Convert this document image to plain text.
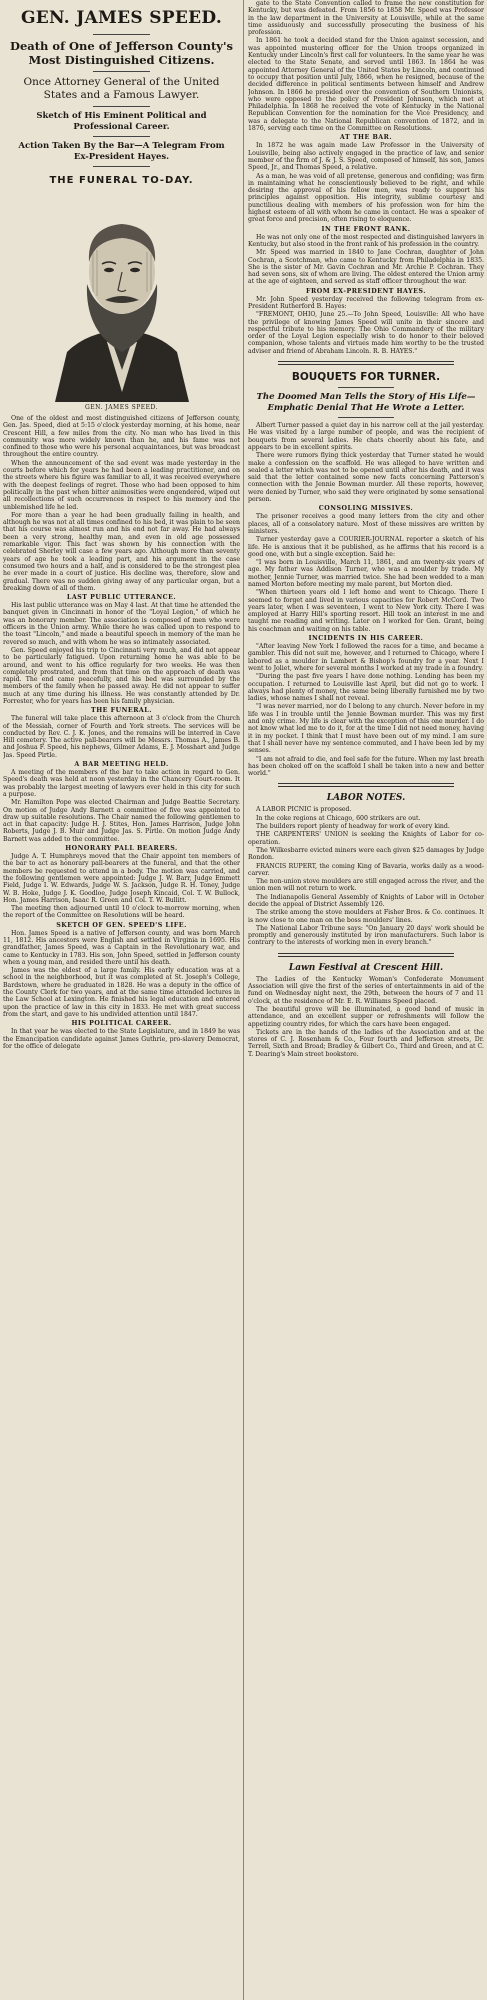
GEN. JAMES SPEED.
Death of One of Jefferson County's Most Distinguished Citizens.
Once Attorney General of the United States and a Famous Lawyer.
Sketch of His Eminent Political and Professional Career.
Action Taken By the Bar—A Telegram From Ex-President Hayes.
THE FUNERAL TO-DAY.
GEN. JAMES SPEED.

One of the oldest and most distinguished citizens of Jefferson county, Gen. Jas. Speed, died at 5:15 o'clock yesterday morning, at his home, near Crescent Hill, a few miles from the city. No man who has lived in this community was more widely known than he, and his fame was not confined to those who were his personal acquaintances, but was broadcast throughout the entire country.

When the announcement of the sad event was made yesterday in the courts before which for years he had been a leading practitioner, and on the streets where his figure was familiar to all, it was received everywhere with the deepest feelings of regret. Those who had been opposed to him politically in the past when bitter animosities were engendered, wiped out all recollections of such occurrences in respect to his memory and the unblemished life he led.

For more than a year he had been gradually failing in health, and although he was not at all times confined to his bed, it was plain to be seen that his course was almost run and his end not far away. He had always been a very strong, healthy man, and even in old age possessed remarkable vigor. This fact was shown by his connection with the celebrated Sherley will case a few years ago. Although more than seventy years of age he took a leading part, and his argument in the case consumed two hours and a half, and is considered to be the strongest plea he ever made in a court of justice. His decline was, therefore, slow and gradual. There was no sudden giving away of any particular organ, but a breaking down of all of them.

LAST PUBLIC UTTERANCE.

His last public utterance was on May 4 last. At that time he attended the banquet given in Cincinnati in honor of the "Loyal Legion," of which he was an honorary member. The association is composed of men who were officers in the Union army. While there he was called upon to respond to the toast "Lincoln," and made a beautiful speech in memory of the man he revered so much, and with whom he was so intimately associated.

Gen. Speed enjoyed his trip to Cincinnati very much, and did not appear to be particularly fatigued. Upon returning home he was able to be around, and went to his office regularly for two weeks. He was then completely prostrated, and from that time on the approach of death was rapid. The end came peacefully, and his bed was surrounded by the members of the family when he passed away. He did not appear to suffer much at any time during his illness. He was constantly attended by Dr. Forrester, who for years has been his family physician.

THE FUNERAL.

The funeral will take place this afternoon at 3 o'clock from the Church of the Messiah, corner of Fourth and York streets. The services will be conducted by Rev. C. J. K. Jones, and the remains will be interred in Cave Hill cemetery. The active pall-bearers will be Messrs. Thomas A., James B. and Joshua F. Speed, his nephews, Gilmer Adams, E. J. Mosshart and Judge Jas. Speed Pirtle.

A BAR MEETING HELD.

A meeting of the members of the bar to take action in regard to Gen. Speed's death was held at noon yesterday in the Chancery Court-room. It was probably the largest meeting of lawyers ever held in this city for such a purpose.

Mr. Hamilton Pope was elected Chairman and Judge Beattie Secretary. On motion of Judge Andy Barnett a committee of five was appointed to draw up suitable resolutions. The Chair named the following gentlemen to act in that capacity: Judge H. J. Stites, Hon. James Harrison, Judge John Roberts, Judge J. B. Muir and Judge Jas. S. Pirtle. On motion Judge Andy Barnett was added to the committee.

HONORARY PALL BEARERS.

Judge A. T. Humphreys moved that the Chair appoint ten members of the bar to act as honorary pall-bearers at the funeral, and that the other members be requested to attend in a body. The motion was carried, and the following gentlemen were appointed: Judge J. W. Barr, Judge Emmett Field, Judge I. W. Edwards, Judge W. S. Jackson, Judge R. H. Toney, Judge W. B. Hoke, Judge J. K. Goodloe, Judge Joseph Kincaid, Col. T. W. Bullock, Hon. James Harrison, Isaac R. Green and Col. T. W. Bullitt.

The meeting then adjourned until 10 o'clock to-morrow morning, when the report of the Committee on Resolutions will be heard.

SKETCH OF GEN. SPEED'S LIFE.

Hon. James Speed is a native of Jefferson county, and was born March 11, 1812. His ancestors were English and settled in Virginia in 1695. His grandfather, James Speed, was a Captain in the Revolutionary war, and came to Kentucky in 1783. His son, John Speed, settled in Jefferson county when a young man, and resided there until his death.

James was the eldest of a large family. His early education was at a school in the neighborhood, but it was completed at St. Joseph's College, Bardstown, where he graduated in 1828. He was a deputy in the office of the County Clerk for two years, and at the same time attended lectures in the Law School at Lexington. He finished his legal education and entered upon the practice of law in this city in 1833. He met with great success from the start, and gave to his undivided attention until 1847.

HIS POLITICAL CAREER.

In that year he was elected to the State Legislature, and in 1849 he was the Emancipation candidate against James Guthrie, pro-slavery Democrat, for the office of delegate

gate to the State Convention called to frame the new constitution for Kentucky, but was defeated. From 1856 to 1858 Mr. Speed was Professor in the law department in the University at Louisville, while at the same time assiduously and successfully prosecuting the business of his profession.

In 1861 he took a decided stand for the Union against secession, and was appointed mustering officer for the Union troops organized in Kentucky under Lincoln's first call for volunteers. In the same year he was elected to the State Senate, and served until 1863. In 1864 he was appointed Attorney General of the United States by Lincoln, and continued to occupy that position until July, 1866, when he resigned, because of the decided difference in political sentiments between himself and Andrew Johnson. In 1866 he presided over the convention of Southern Unionists, who were opposed to the policy of President Johnson, which met at Philadelphia. In 1868 he received the vote of Kentucky in the National Republican Convention for the nomination for the Vice Presidency, and was a delegate to the National Republican convention of 1872, and in 1876, serving each time on the Committee on Resolutions.

AT THE BAR.

In 1872 he was again made Law Professor in the University of Louisville, being also actively engaged in the practice of law, and senior member of the firm of J. & J. S. Speed, composed of himself, his son, James Speed, Jr., and Thomas Speed, a relative.

As a man, he was void of all pretense, generous and confiding; was firm in maintaining what he conscientiously believed to be right, and while desiring the approval of his fellow men, was ready to support his principles against opposition. His integrity, sublime courtesy and punctilious dealing with members of his profession won for him the highest esteem of all with whom he came in contact. He was a speaker of great force and precision, often rising to eloquence.

IN THE FRONT RANK.

He was not only one of the most respected and distinguished lawyers in Kentucky, but also stood in the front rank of his profession in the country.

Mr. Speed was married in 1840 to Jane Cochran, daughter of John Cochran, a Scotchman, who came to Kentucky from Philadelphia in 1835. She is the sister of Mr. Gavin Cochran and Mr. Archie P. Cochran. They had seven sons, six of whom are living. The oldest entered the Union army at the age of eighteen, and served as staff officer throughout the war.

FROM EX-PRESIDENT HAYES.

Mr. John Speed yesterday received the following telegram from ex-President Rutherford B. Hayes:

"FREMONT, OHIO, June 25.—To John Speed, Louisville: All who have the privilege of knowing James Speed will unite in their sincere and respectful tribute to his memory. The Ohio Commandery of the military order of the Loyal Legion especially wish to do honor to their beloved companion, whose talents and virtues made him worthy to be the trusted adviser and friend of Abraham Lincoln. R. B. HAYES."

BOUQUETS FOR TURNER.
The Doomed Man Tells the Story of His Life—Emphatic Denial That He Wrote a Letter.

Albert Turner passed a quiet day in his narrow cell at the jail yesterday. He was visited by a large number of people, and was the recipient of bouquets from several ladies. He chats cheerily about his fate, and appears to be in excellent spirits.

There were rumors flying thick yesterday that Turner stated he would make a confession on the scaffold. He was alleged to have written and sealed a letter which was not to be opened until after his death, and it was said that the letter contained some new facts concerning Patterson's connection with the Jennie Bowman murder. All these reports, however, were denied by Turner, who said they were originated by some sensational person.

CONSOLING MISSIVES.

The prisoner receives a good many letters from the city and other places, all of a consolatory nature. Most of these missives are written by ministers.

Turner yesterday gave a COURIER-JOURNAL reporter a sketch of his life. He is anxious that it be published, as he affirms that his record is a good one, with but a single exception. Said he:

"I was born in Louisville, March 11, 1861, and am twenty-six years of age. My father was Addison Turner, who was a moulder by trade. My mother, Jennie Turner, was married twice. She had been wedded to a man named Morton before meeting my male parent, but Morton died.

"When thirteen years old I left home and went to Chicago. There I seemed to forget and lived in various capacities for Robert McCord. Two years later, when I was seventeen, I went to New York city. There I was employed at Harry Hill's sporting resort. Hill took an interest in me and taught me reading and writing. Later on I worked for Gen. Grant, being his coachman and waiting on his table.

INCIDENTS IN HIS CAREER.

"After leaving New York I followed the races for a time, and became a gambler. This did not suit me, however, and I returned to Chicago, where I labored as a moulder in Lambert & Bishop's foundry for a year. Next I went to Joliet, where for several months I worked at my trade in a foundry.

"During the past five years I have done nothing. Lending has been my occupation. I returned to Louisville last April, but did not go to work. I always had plenty of money, the same being liberally furnished me by two ladies, whose names I shall not reveal.

"I was never married, nor do I belong to any church. Never before in my life was I in trouble until the Jennie Bowman murder. This was my first and only crime. My life is clear with the exception of this one murder. I do not know what led me to do it, for at the time I did not need money, having it in my pocket. I think that I must have been out of my mind. I am sure that I shall never have my sentence commuted, and I have been led by my senses.

"I am not afraid to die, and feel safe for the future. When my last breath has been choked off on the scaffold I shall be taken into a new and better world."

LABOR NOTES.

A LABOR PICNIC is proposed.

In the coke regions at Chicago, 600 strikers are out.

The builders report plenty of headway for work of every kind.

THE CARPENTERS' UNION is seeking the Knights of Labor for co-operation.

The Wilkesbarre evicted miners were each given $25 damages by Judge Rondon.

FRANCIS RUPERT, the coming King of Bavaria, works daily as a wood-carver.

The non-union stove moulders are still engaged across the river, and the union men will not return to work.

The Indianapolis General Assembly of Knights of Labor will in October decide the appeal of District Assembly 126.

The strike among the stove moulders at Fisher Bros. & Co. continues. It is now close to one man on the boss moulders' lines.

The National Labor Tribune says: "On January 20 days' work should be promptly and generously instituted by iron manufacturers. Such labor is contrary to the interests of working men in every branch."

Lawn Festival at Crescent Hill.

The Ladies of the Kentucky Woman's Confederate Monument Association will give the first of the series of entertainments in aid of the fund on Wednesday night next, the 29th, between the hours of 7 and 11 o'clock, at the residence of Mr. E. R. Williams Speed placed.

The beautiful grove will be illuminated, a good band of music in attendance, and an excellent supper or refreshments will follow the appetizing country rides, for which the cars have been engaged.

Tickets are in the hands of the ladies of the Association and at the stores of C. J. Rosenham & Co., Four fourth and Jefferson streets, Dr. Terrell, Sixth and Broad; Bradley & Gilbert Co., Third and Green, and at C. T. Dearing's Main street bookstore.
